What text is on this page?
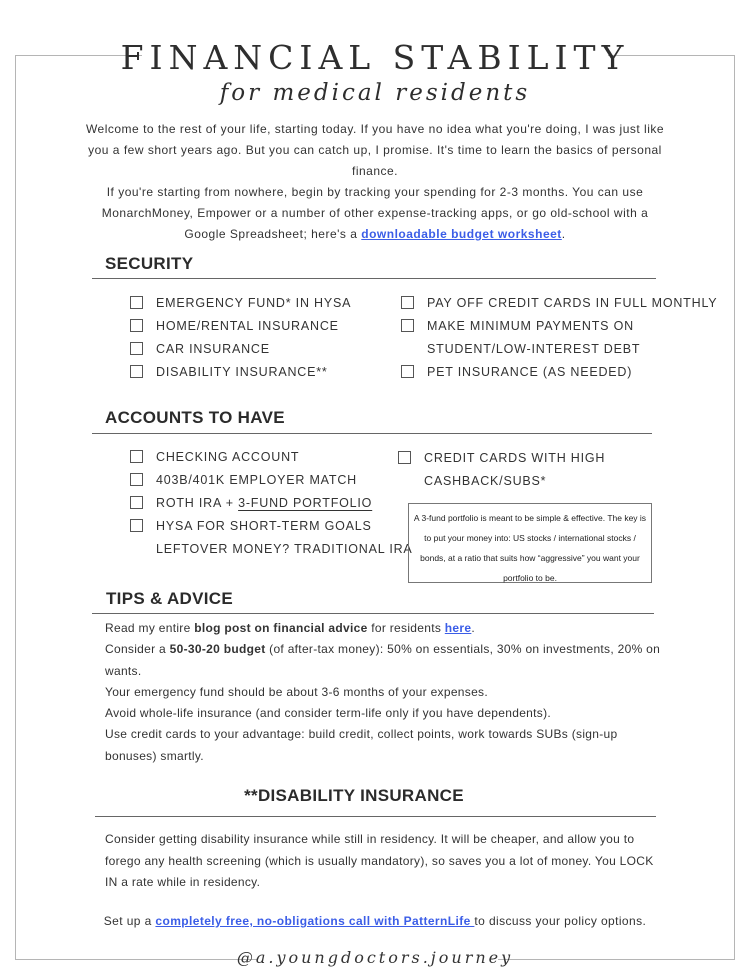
FINANCIAL STABILITY
for medical residents
Welcome to the rest of your life, starting today. If you have no idea what you're doing, I was just like you a few short years ago. But you can catch up, I promise. It's time to learn the basics of personal finance.
If you're starting from nowhere, begin by tracking your spending for 2-3 months. You can use MonarchMoney, Empower or a number of other expense-tracking apps, or go old-school with a Google Spreadsheet; here's a downloadable budget worksheet.
SECURITY
EMERGENCY FUND* IN HYSA
HOME/RENTAL INSURANCE
CAR INSURANCE
DISABILITY INSURANCE**
PAY OFF CREDIT CARDS IN FULL MONTHLY
MAKE MINIMUM PAYMENTS ON
STUDENT/LOW-INTEREST DEBT
PET INSURANCE (AS NEEDED)
ACCOUNTS TO HAVE
CHECKING ACCOUNT
403B/401K EMPLOYER MATCH
ROTH IRA + 3-FUND PORTFOLIO
HYSA FOR SHORT-TERM GOALS
LEFTOVER MONEY? TRADITIONAL IRA
CREDIT CARDS WITH HIGH
CASHBACK/SUBS*
A 3-fund portfolio is meant to be simple & effective. The key is to put your money into: US stocks / international stocks / bonds, at a ratio that suits how “aggressive” you want your portfolio to be.
TIPS & ADVICE

Read my entire blog post on financial advice for residents here.

Consider a 50-30-20 budget (of after-tax money): 50% on essentials, 30% on investments, 20% on wants.

Your emergency fund should be about 3-6 months of your expenses.

Avoid whole-life insurance (and consider term-life only if you have dependents).

Use credit cards to your advantage: build credit, collect points, work towards SUBs (sign-up bonuses) smartly.

**DISABILITY INSURANCE
Consider getting disability insurance while still in residency. It will be cheaper, and allow you to forego any health screening (which is usually mandatory), so saves you a lot of money. You LOCK IN a rate while in residency.
Set up a completely free, no-obligations call with PatternLife to discuss your policy options.
@a.youngdoctors.journey
